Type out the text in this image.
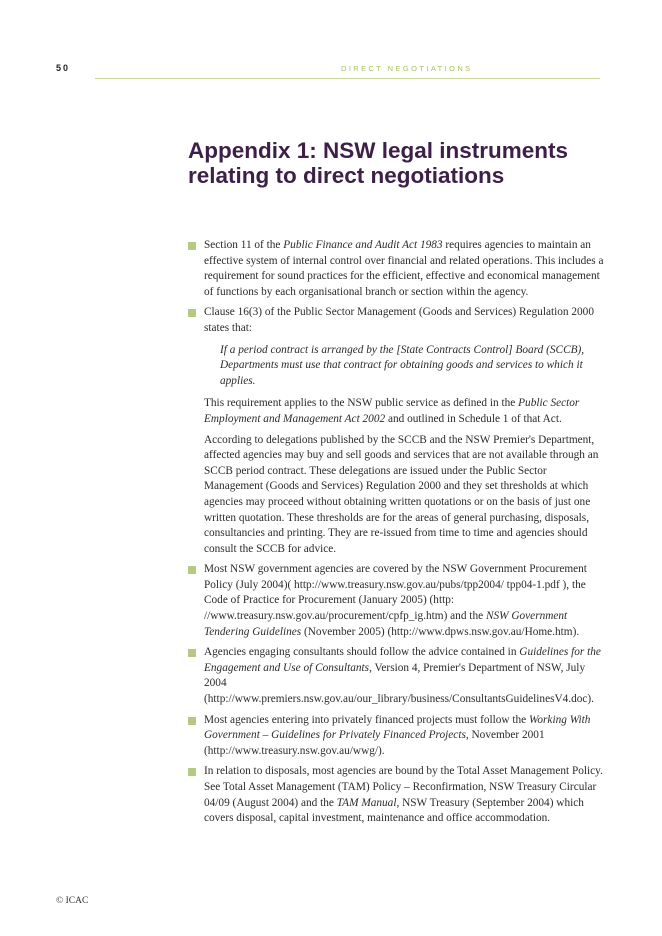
50	DIRECT NEGOTIATIONS
Appendix 1: NSW legal instruments relating to direct negotiations
Section 11 of the Public Finance and Audit Act 1983 requires agencies to maintain an effective system of internal control over financial and related operations. This includes a requirement for sound practices for the efficient, effective and economical management of functions by each organisational branch or section within the agency.
Clause 16(3) of the Public Sector Management (Goods and Services) Regulation 2000 states that:
If a period contract is arranged by the [State Contracts Control] Board (SCCB), Departments must use that contract for obtaining goods and services to which it applies.
This requirement applies to the NSW public service as defined in the Public Sector Employment and Management Act 2002 and outlined in Schedule 1 of that Act.
According to delegations published by the SCCB and the NSW Premier's Department, affected agencies may buy and sell goods and services that are not available through an SCCB period contract. These delegations are issued under the Public Sector Management (Goods and Services) Regulation 2000 and they set thresholds at which agencies may proceed without obtaining written quotations or on the basis of just one written quotation. These thresholds are for the areas of general purchasing, disposals, consultancies and printing. They are re-issued from time to time and agencies should consult the SCCB for advice.
Most NSW government agencies are covered by the NSW Government Procurement Policy (July 2004)( http://www.treasury.nsw.gov.au/pubs/tpp2004/ tpp04-1.pdf ), the Code of Practice for Procurement (January 2005) (http: //www.treasury.nsw.gov.au/procurement/cpfp_ig.htm) and the NSW Government Tendering Guidelines (November 2005) (http://www.dpws.nsw.gov.au/Home.htm).
Agencies engaging consultants should follow the advice contained in Guidelines for the Engagement and Use of Consultants, Version 4, Premier's Department of NSW, July 2004 (http://www.premiers.nsw.gov.au/our_library/business/ConsultantsGuidelinesV4.doc).
Most agencies entering into privately financed projects must follow the Working With Government – Guidelines for Privately Financed Projects, November 2001 (http://www.treasury.nsw.gov.au/wwg/).
In relation to disposals, most agencies are bound by the Total Asset Management Policy. See Total Asset Management (TAM) Policy – Reconfirmation, NSW Treasury Circular 04/09 (August 2004) and the TAM Manual, NSW Treasury (September 2004) which covers disposal, capital investment, maintenance and office accommodation.
© ICAC
